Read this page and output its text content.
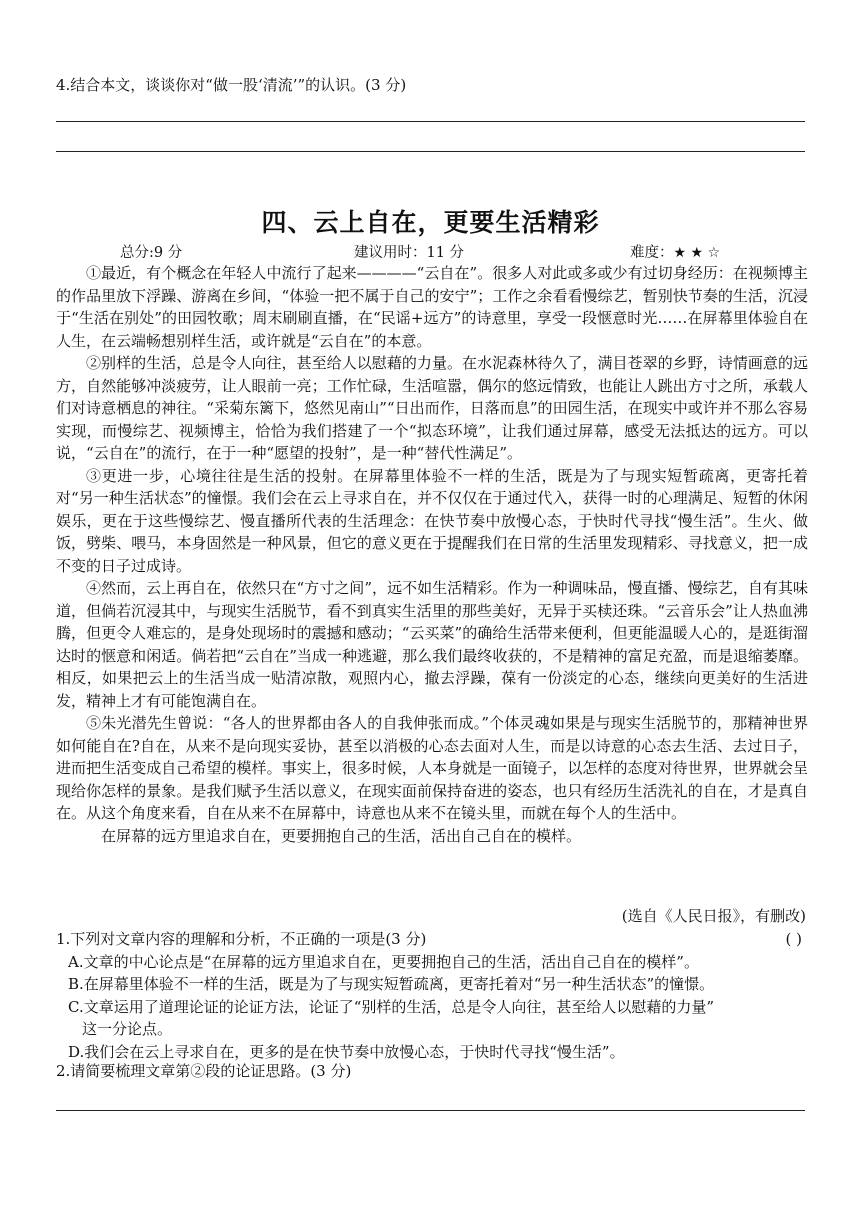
4.结合本文，谈谈你对“做一股‘清流’”的认识。(3 分)
四、云上自在，更要生活精彩
总分:9 分	建议用时：11 分	难度：★ ★ ☆

①最近，有个概念在年轻人中流行了起来————“云自在”。很多人对此或多或少有过切身经历：在视频博主的作品里放下浮躁、游离在乡间，“体验一把不属于自己的安宁”；工作之余看看慢综艺，暂别快节奏的生活，沉浸于“生活在别处”的田园牧歌；周末刷刷直播，在“民谣+远方”的诗意里，享受一段惬意时光……在屏幕里体验自在人生，在云端畅想别样生活，或许就是“云自在”的本意。

②别样的生活，总是令人向往，甚至给人以慰藉的力量。在水泥森林待久了，满目苍翠的乡野，诗情画意的远方，自然能够冲淡疲劳，让人眼前一亮；工作忙碌，生活喧嚣，偶尔的悠远情致，也能让人跳出方寸之所，承载人们对诗意栖息的神往。“采菊东篱下，悠然见南山”“日出而作，日落而息”的田园生活，在现实中或许并不那么容易实现，而慢综艺、视频博主，恰恰为我们搭建了一个“拟态环境”，让我们通过屏幕，感受无法抵达的远方。可以说，“云自在”的流行，在于一种“愿望的投射”，是一种“替代性满足”。

③更进一步，心境往往是生活的投射。在屏幕里体验不一样的生活，既是为了与现实短暂疏离，更寄托着对“另一种生活状态”的憧憬。我们会在云上寻求自在，并不仅仅在于通过代入，获得一时的心理满足、短暂的休闲娱乐，更在于这些慢综艺、慢直播所代表的生活理念：在快节奏中放慢心态，于快时代寻找“慢生活”。生火、做饭，劈柴、喂马，本身固然是一种风景，但它的意义更在于提醒我们在日常的生活里发现精彩、寻找意义，把一成不变的日子过成诗。

④然而，云上再自在，依然只在“方寸之间”，远不如生活精彩。作为一种调味品，慢直播、慢综艺，自有其味道，但倘若沉浸其中，与现实生活脱节，看不到真实生活里的那些美好，无异于买椟还珠。“云音乐会”让人热血沸腾，但更令人难忘的，是身处现场时的震撼和感动；“云买菜”的确给生活带来便利，但更能温暖人心的，是逛街溜达时的惬意和闲适。倘若把“云自在”当成一种逃避，那么我们最终收获的，不是精神的富足充盈，而是退缩萎靡。相反，如果把云上的生活当成一贴清凉散，观照内心，撤去浮躁，葆有一份淡定的心态，继续向更美好的生活进发，精神上才有可能饱满自在。

⑤朱光潜先生曾说：“各人的世界都由各人的自我伸张而成。”个体灵魂如果是与现实生活脱节的，那精神世界如何能自在?自在，从来不是向现实妥协，甚至以消极的心态去面对人生，而是以诗意的心态去生活、去过日子，进而把生活变成自己希望的模样。事实上，很多时候，人本身就是一面镜子，以怎样的态度对待世界，世界就会呈现给你怎样的景象。是我们赋予生活以意义，在现实面前保持奋进的姿态，也只有经历生活洗礼的自在，才是真自在。从这个角度来看，自在从来不在屏幕中，诗意也从来不在镜头里，而就在每个人的生活中。

在屏幕的远方里追求自在，更要拥抱自己的生活，活出自己自在的模样。

(选自《人民日报》，有删改)
1.下列对文章内容的理解和分析，不正确的一项是(3 分)	( )
A.文章的中心论点是“在屏幕的远方里追求自在，更要拥抱自己的生活，活出自己自在的模样”。
B.在屏幕里体验不一样的生活，既是为了与现实短暂疏离，更寄托着对“另一种生活状态”的憧憬。
C.文章运用了道理论证的论证方法，论证了“别样的生活，总是令人向往，甚至给人以慰藉的力量”
这一分论点。
D.我们会在云上寻求自在，更多的是在快节奏中放慢心态，于快时代寻找“慢生活”。
2.请简要梳理文章第②段的论证思路。(3 分)
